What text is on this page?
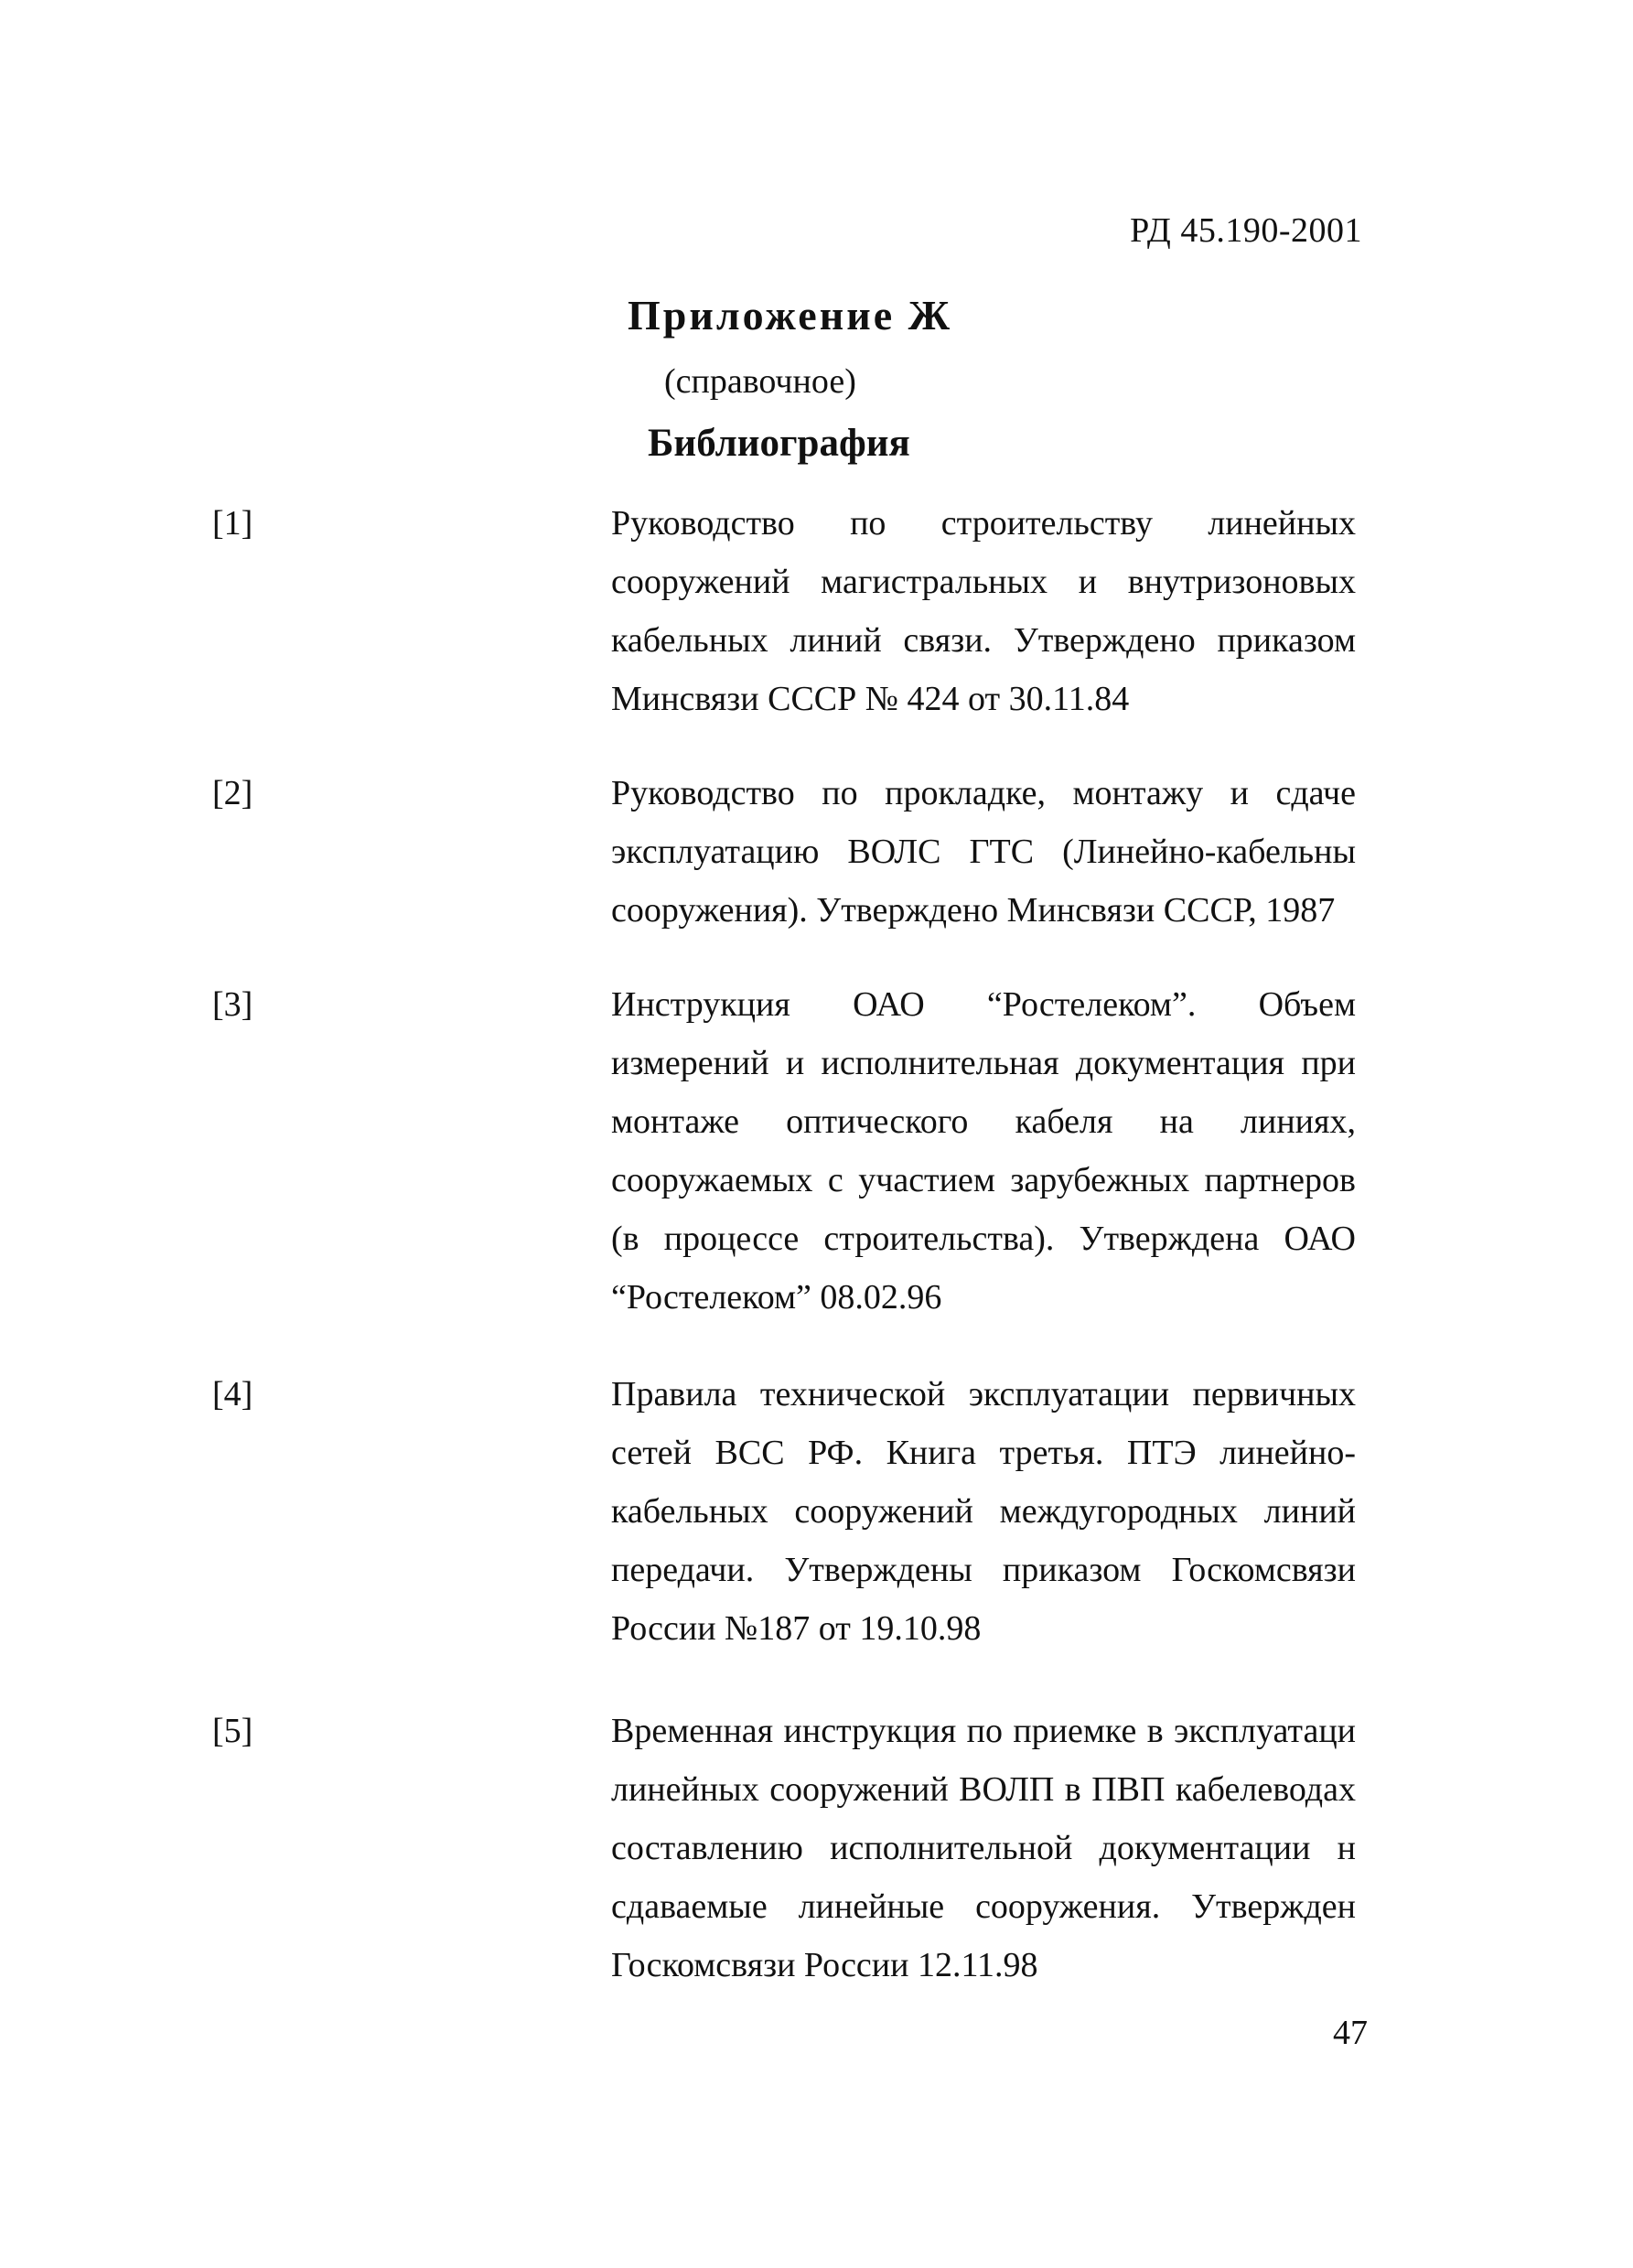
РД 45.190-2001
Приложение Ж
(справочное)
Библиография
[1]	Руководство по строительству линейных сооружений магистральных и внутризоновых кабельных линий связи. Утверждено приказом Минсвязи СССР № 424 от 30.11.84

[2]	Руководство по прокладке, монтажу и сдаче эксплуатацию ВОЛС ГТС (Линейно-кабельны сооружения). Утверждено Минсвязи СССР, 1987

[3]	Инструкция ОАО “Ростелеком”. Объем измерений и исполнительная документация при монтаже оптического кабеля на линиях, сооружаемых с участием зарубежных партнеров (в процессе строительства). Утверждена ОАО “Ростелеком” 08.02.96

[4]	Правила технической эксплуатации первичных сетей ВСС РФ. Книга третья. ПТЭ линейно-кабельных сооружений междугородных линий передачи. Утверждены приказом Госкомсвязи России №187 от 19.10.98

[5]	Временная инструкция по приемке в эксплуатаци линейных сооружений ВОЛП в ПВП кабелеводах составлению исполнительной документации н сдаваемые линейные сооружения. Утвержден Госкомсвязи России 12.11.98

47
